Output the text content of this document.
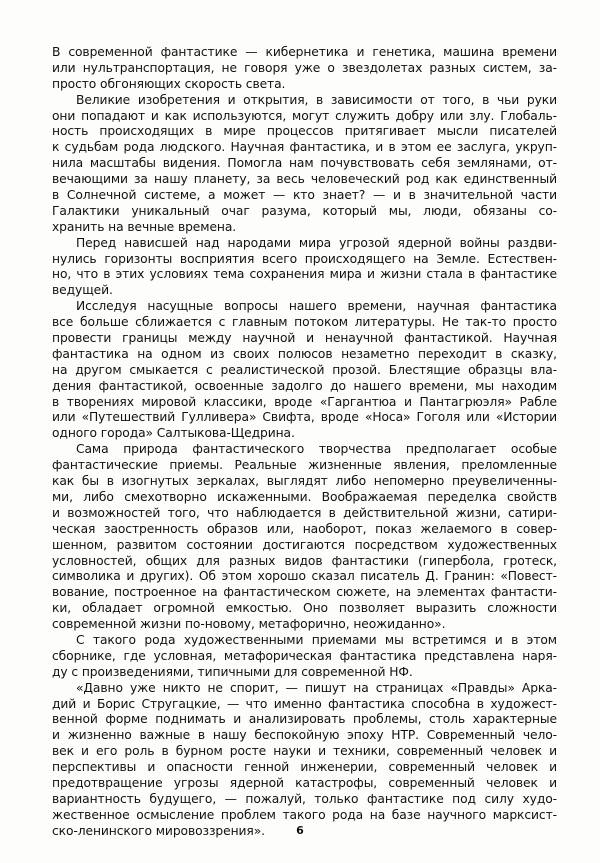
В современной фантастике — кибернетика и генетика, машина времени
или нультранспортация, не говоря уже о звездолетах разных систем, за-
просто обгоняющих скорость света.
Великие изобретения и открытия, в зависимости от того, в чьи руки
они попадают и как используются, могут служить добру или злу. Глобаль-
ность происходящих в мире процессов притягивает мысли писателей
к судьбам рода людского. Научная фантастика, и в этом ее заслуга, укруп-
нила масштабы видения. Помогла нам почувствовать себя землянами, от-
вечающими за нашу планету, за весь человеческий род как единственный
в Солнечной системе, а может — кто знает? — и в значительной части
Галактики уникальный очаг разума, который мы, люди, обязаны со-
хранить на вечные времена.
Перед нависшей над народами мира угрозой ядерной войны раздви-
нулись горизонты восприятия всего происходящего на Земле. Естествен-
но, что в этих условиях тема сохранения мира и жизни стала в фантастике
ведущей.
Исследуя насущные вопросы нашего времени, научная фантастика
все больше сближается с главным потоком литературы. Не так-то просто
провести границы между научной и ненаучной фантастикой. Научная
фантастика на одном из своих полюсов незаметно переходит в сказку,
на другом смыкается с реалистической прозой. Блестящие образцы вла-
дения фантастикой, освоенные задолго до нашего времени, мы находим
в творениях мировой классики, вроде «Гаргантюа и Пантагрюэля» Рабле
или «Путешествий Гулливера» Свифта, вроде «Носа» Гоголя или «Истории
одного города» Салтыкова-Щедрина.
Сама природа фантастического творчества предполагает особые
фантастические приемы. Реальные жизненные явления, преломленные
как бы в изогнутых зеркалах, выглядят либо непомерно преувеличенны-
ми, либо смехотворно искаженными. Воображаемая переделка свойств
и возможностей того, что наблюдается в действительной жизни, сатири-
ческая заостренность образов или, наоборот, показ желаемого в совер-
шенном, развитом состоянии достигаются посредством художественных
условностей, общих для разных видов фантастики (гипербола, гротеск,
символика и других). Об этом хорошо сказал писатель Д. Гранин: «Повест-
вование, построенное на фантастическом сюжете, на элементах фантасти-
ки, обладает огромной емкостью. Оно позволяет выразить сложности
современной жизни по-новому, метафорично, неожиданно».
С такого рода художественными приемами мы встретимся и в этом
сборнике, где условная, метафорическая фантастика представлена наря-
ду с произведениями, типичными для современной НФ.
«Давно уже никто не спорит, — пишут на страницах «Правды» Арка-
дий и Борис Стругацкие, — что именно фантастика способна в художест-
венной форме поднимать и анализировать проблемы, столь характерные
и жизненно важные в нашу беспокойную эпоху НТР. Современный чело-
век и его роль в бурном росте науки и техники, современный человек и
перспективы и опасности генной инженерии, современный человек и
предотвращение угрозы ядерной катастрофы, современный человек и
вариантность будущего, — пожалуй, только фантастике под силу худо-
жественное осмысление проблем такого рода на базе научного марксист-
ско-ленинского мировоззрения».	6
